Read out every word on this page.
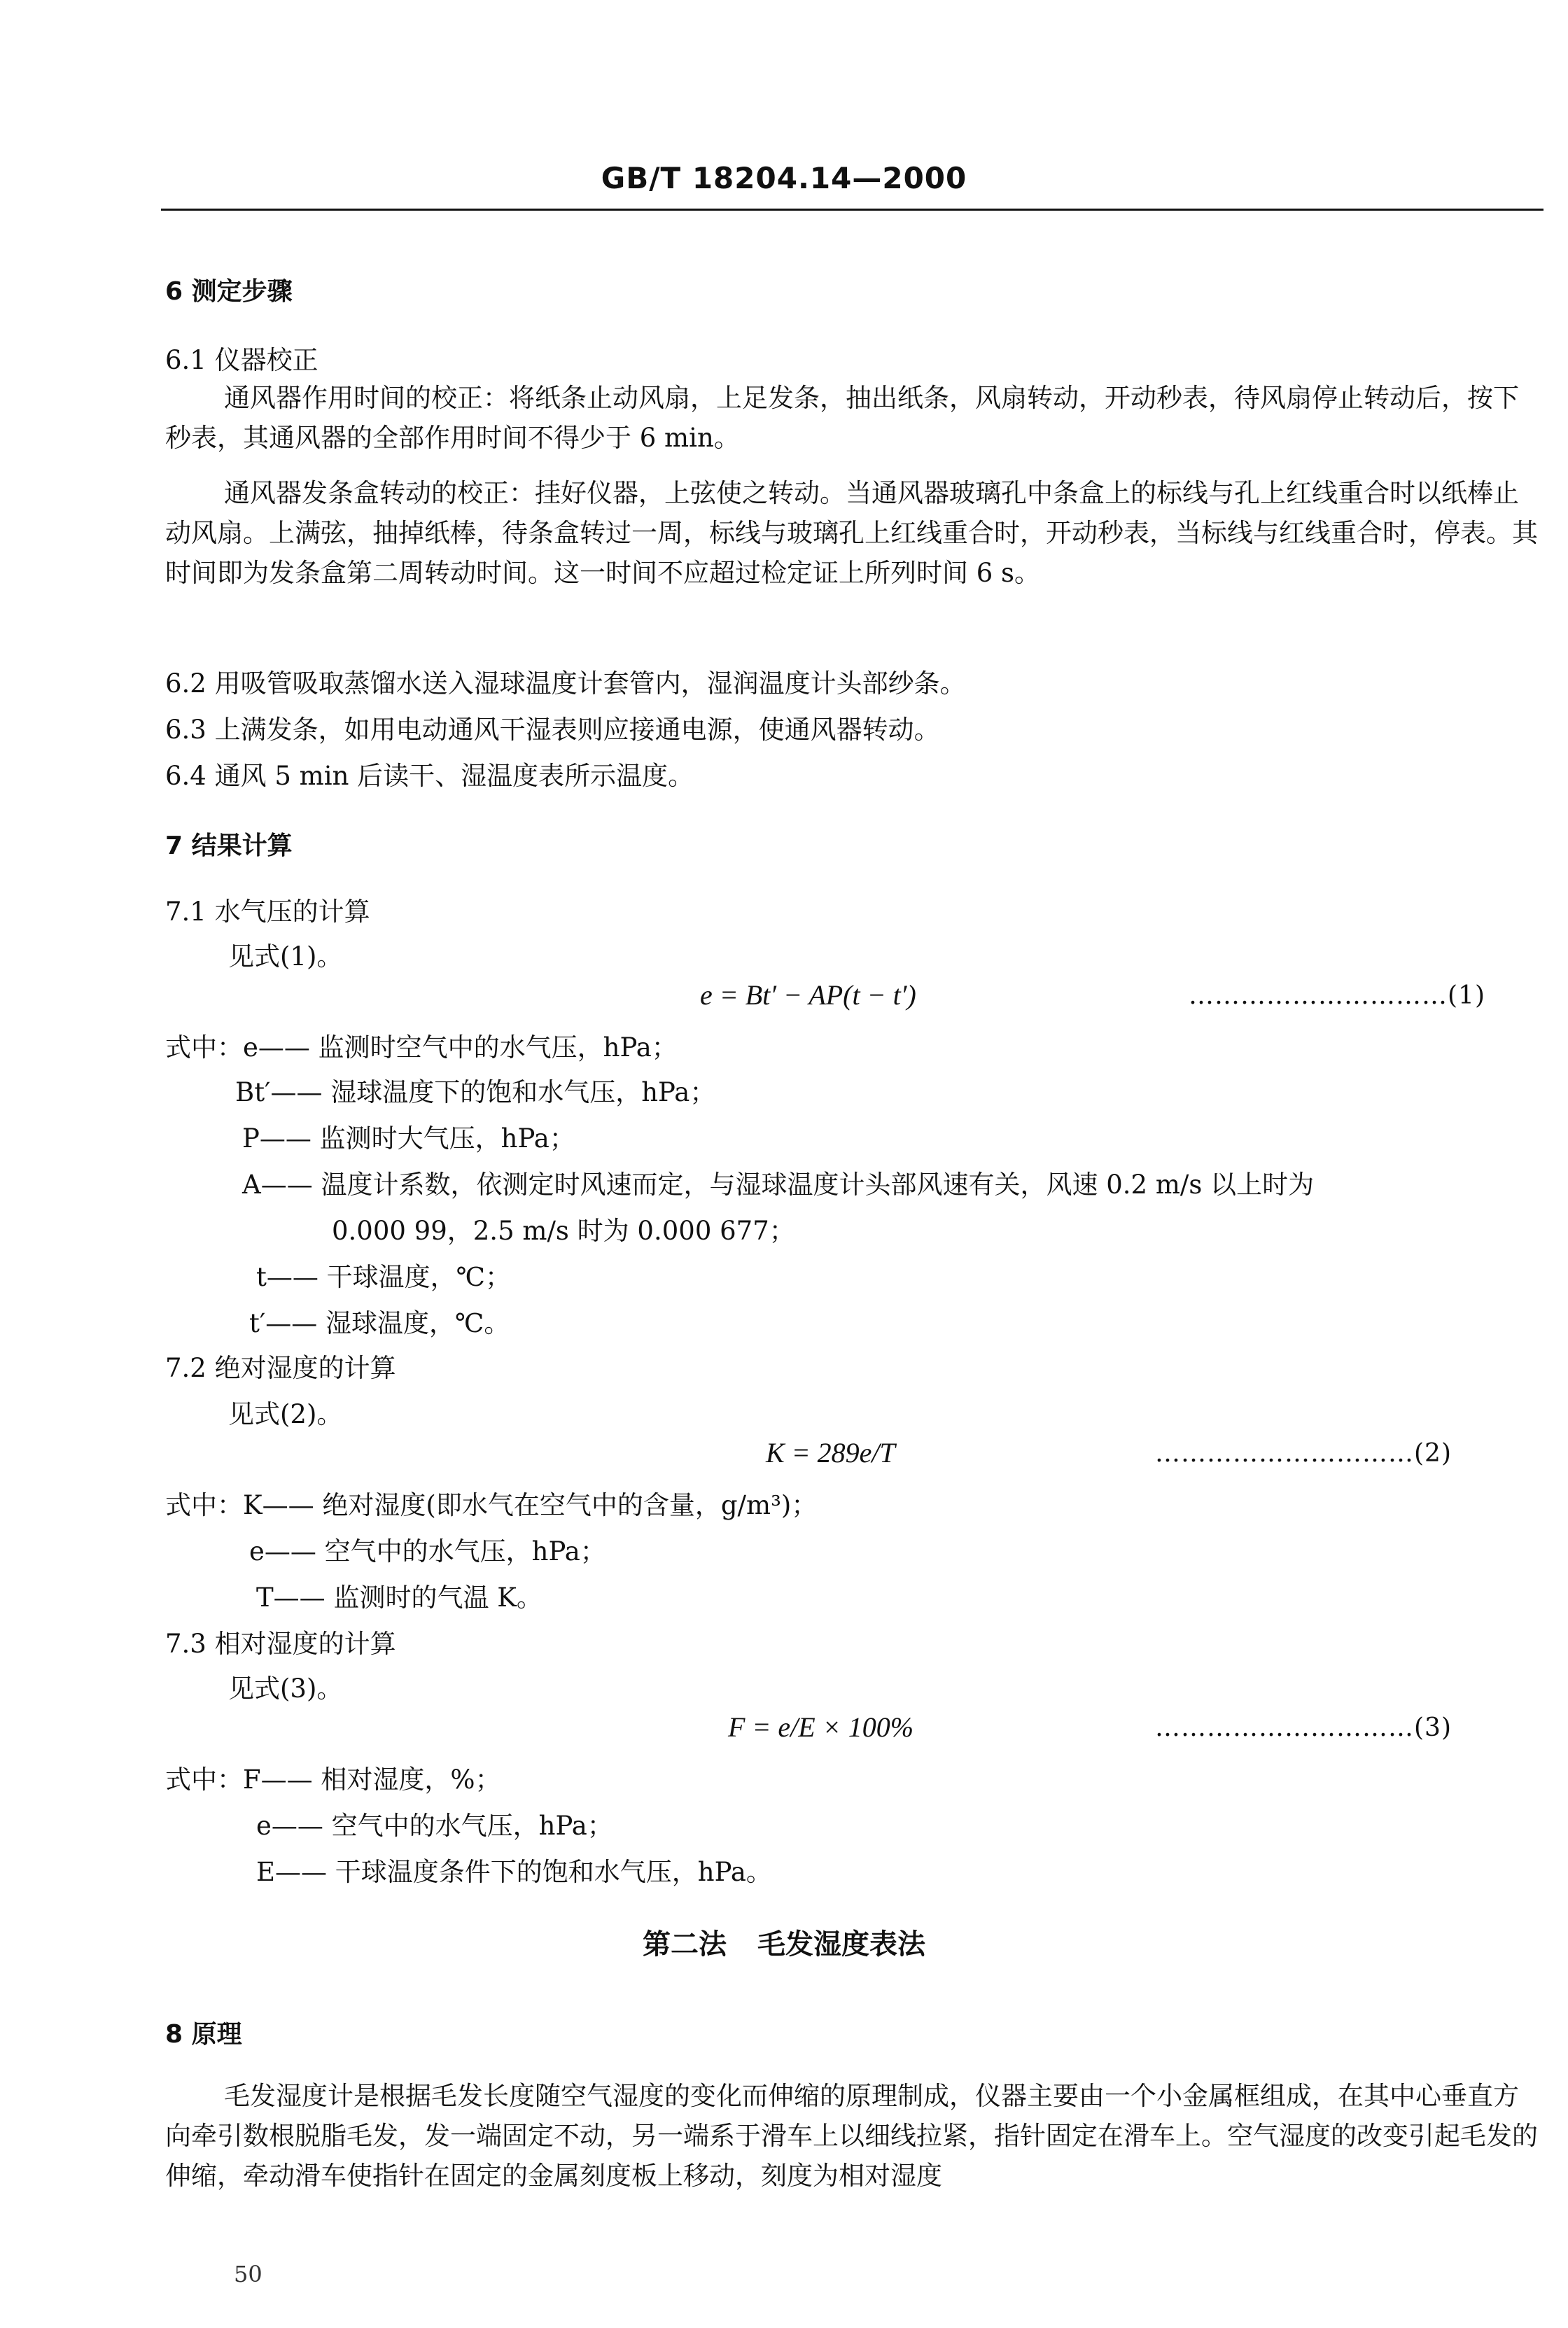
GB/T 18204.14—2000
6 测定步骤
6.1 仪器校正
通风器作用时间的校正：将纸条止动风扇，上足发条，抽出纸条，风扇转动，开动秒表，待风扇停止转动后，按下秒表，其通风器的全部作用时间不得少于 6 min。
通风器发条盒转动的校正：挂好仪器，上弦使之转动。当通风器玻璃孔中条盒上的标线与孔上红线重合时以纸棒止动风扇。上满弦，抽掉纸棒，待条盒转过一周，标线与玻璃孔上红线重合时，开动秒表，当标线与红线重合时，停表。其时间即为发条盒第二周转动时间。这一时间不应超过检定证上所列时间 6 s。
6.2 用吸管吸取蒸馏水送入湿球温度计套管内，湿润温度计头部纱条。
6.3 上满发条，如用电动通风干湿表则应接通电源，使通风器转动。
6.4 通风 5 min 后读干、湿温度表所示温度。
7 结果计算
7.1 水气压的计算
见式(1)。
e = Bt′ − AP(t − t′)	…………………………(1)
式中：e—— 监测时空气中的水气压，hPa；
Bt′—— 湿球温度下的饱和水气压，hPa；
P—— 监测时大气压，hPa；
A—— 温度计系数，依测定时风速而定，与湿球温度计头部风速有关，风速 0.2 m/s 以上时为
0.000 99，2.5 m/s 时为 0.000 677；
t—— 干球温度，℃；
t′—— 湿球温度，℃。
7.2 绝对湿度的计算
见式(2)。
K = 289e/T	…………………………(2)
式中：K—— 绝对湿度(即水气在空气中的含量，g/m³)；
e—— 空气中的水气压，hPa；
T—— 监测时的气温 K。
7.3 相对湿度的计算
见式(3)。
F = e/E × 100%	…………………………(3)
式中：F—— 相对湿度，%；
e—— 空气中的水气压，hPa；
E—— 干球温度条件下的饱和水气压，hPa。
第二法 毛发湿度表法
8 原理
毛发湿度计是根据毛发长度随空气湿度的变化而伸缩的原理制成，仪器主要由一个小金属框组成，在其中心垂直方向牵引数根脱脂毛发，发一端固定不动，另一端系于滑车上以细线拉紧，指针固定在滑车上。空气湿度的改变引起毛发的伸缩，牵动滑车使指针在固定的金属刻度板上移动，刻度为相对湿度
50
